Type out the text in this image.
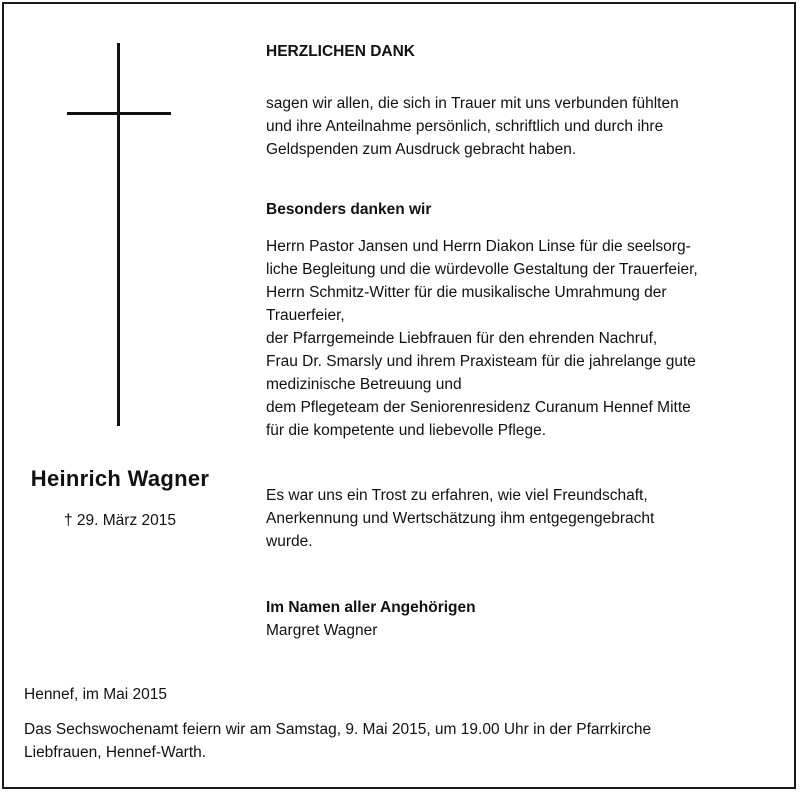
Heinrich Wagner
† 29. März 2015
HERZLICHEN DANK
sagen wir allen, die sich in Trauer mit uns verbunden fühlten
und ihre Anteilnahme persönlich, schriftlich und durch ihre
Geldspenden zum Ausdruck gebracht haben.
Besonders danken wir
Herrn Pastor Jansen und Herrn Diakon Linse für die seelsorg-
liche Begleitung und die würdevolle Gestaltung der Trauerfeier,
Herrn Schmitz-Witter für die musikalische Umrahmung der
Trauerfeier,
der Pfarrgemeinde Liebfrauen für den ehrenden Nachruf,
Frau Dr. Smarsly und ihrem Praxisteam für die jahrelange gute
medizinische Betreuung und
dem Pflegeteam der Seniorenresidenz Curanum Hennef Mitte
für die kompetente und liebevolle Pflege.
Es war uns ein Trost zu erfahren, wie viel Freundschaft,
Anerkennung und Wertschätzung ihm entgegengebracht
wurde.
Im Namen aller Angehörigen
Margret Wagner
Hennef, im Mai 2015
Das Sechswochenamt feiern wir am Samstag, 9. Mai 2015, um 19.00 Uhr in der Pfarrkirche
Liebfrauen, Hennef-Warth.
